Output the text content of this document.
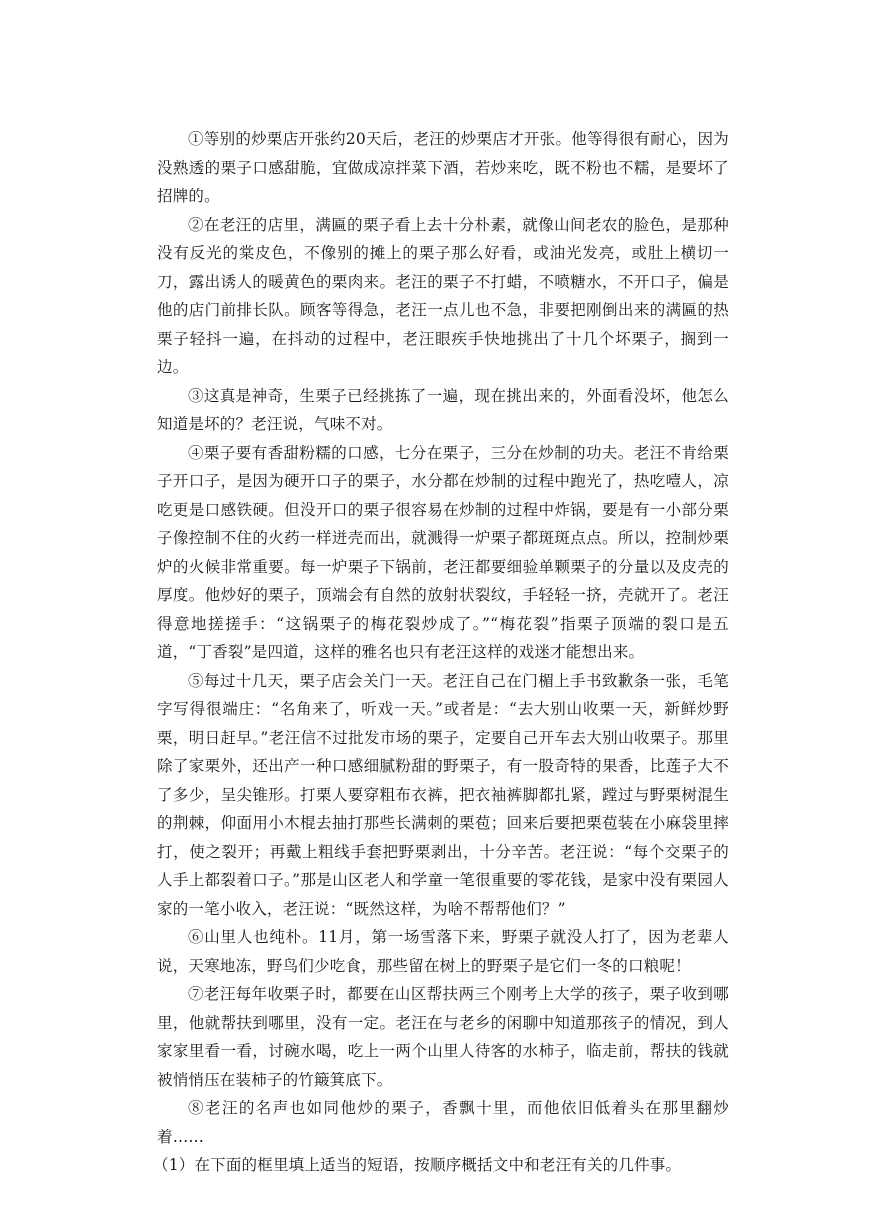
①等别的炒栗店开张约20天后，老汪的炒栗店才开张。他等得很有耐心，因为没熟透的栗子口感甜脆，宜做成凉拌菜下酒，若炒来吃，既不粉也不糯，是要坏了招牌的。

②在老汪的店里，满匾的栗子看上去十分朴素，就像山间老农的脸色，是那种没有反光的棠皮色，不像别的摊上的栗子那么好看，或油光发亮，或肚上横切一刀，露出诱人的暖黄色的栗肉来。老汪的栗子不打蜡，不喷糖水，不开口子，偏是他的店门前排长队。顾客等得急，老汪一点儿也不急，非要把刚倒出来的满匾的热栗子轻抖一遍，在抖动的过程中，老汪眼疾手快地挑出了十几个坏栗子，搁到一边。

③这真是神奇，生栗子已经挑拣了一遍，现在挑出来的，外面看没坏，他怎么知道是坏的？老汪说，气味不对。

④栗子要有香甜粉糯的口感，七分在栗子，三分在炒制的功夫。老汪不肯给栗子开口子，是因为硬开口子的栗子，水分都在炒制的过程中跑光了，热吃噎人，凉吃更是口感铁硬。但没开口的栗子很容易在炒制的过程中炸锅，要是有一小部分栗子像控制不住的火药一样迸壳而出，就溅得一炉栗子都斑斑点点。所以，控制炒栗炉的火候非常重要。每一炉栗子下锅前，老汪都要细验单颗栗子的分量以及皮壳的厚度。他炒好的栗子，顶端会有自然的放射状裂纹，手轻轻一挤，壳就开了。老汪得意地搓搓手：“这锅栗子的梅花裂炒成了。”“梅花裂”指栗子顶端的裂口是五道，“丁香裂”是四道，这样的雅名也只有老汪这样的戏迷才能想出来。

⑤每过十几天，栗子店会关门一天。老汪自己在门楣上手书致歉条一张，毛笔字写得很端庄：“名角来了，听戏一天。”或者是：“去大别山收栗一天，新鲜炒野栗，明日赶早。”老汪信不过批发市场的栗子，定要自己开车去大别山收栗子。那里除了家栗外，还出产一种口感细腻粉甜的野栗子，有一股奇特的果香，比莲子大不了多少，呈尖锥形。打栗人要穿粗布衣裤，把衣袖裤脚都扎紧，蹚过与野栗树混生的荆棘，仰面用小木棍去抽打那些长满刺的栗苞；回来后要把栗苞装在小麻袋里摔打，使之裂开；再戴上粗线手套把野栗剥出，十分辛苦。老汪说：“每个交栗子的人手上都裂着口子。”那是山区老人和学童一笔很重要的零花钱，是家中没有栗园人家的一笔小收入，老汪说：“既然这样，为啥不帮帮他们？”

⑥山里人也纯朴。11月，第一场雪落下来，野栗子就没人打了，因为老辈人说，天寒地冻，野鸟们少吃食，那些留在树上的野栗子是它们一冬的口粮呢！

⑦老汪每年收栗子时，都要在山区帮扶两三个刚考上大学的孩子，栗子收到哪里，他就帮扶到哪里，没有一定。老汪在与老乡的闲聊中知道那孩子的情况，到人家家里看一看，讨碗水喝，吃上一两个山里人待客的水柿子，临走前，帮扶的钱就被悄悄压在装柿子的竹簸箕底下。

⑧老汪的名声也如同他炒的栗子，香飘十里，而他依旧低着头在那里翻炒着……

（1）在下面的框里填上适当的短语，按顺序概括文中和老汪有关的几件事。
